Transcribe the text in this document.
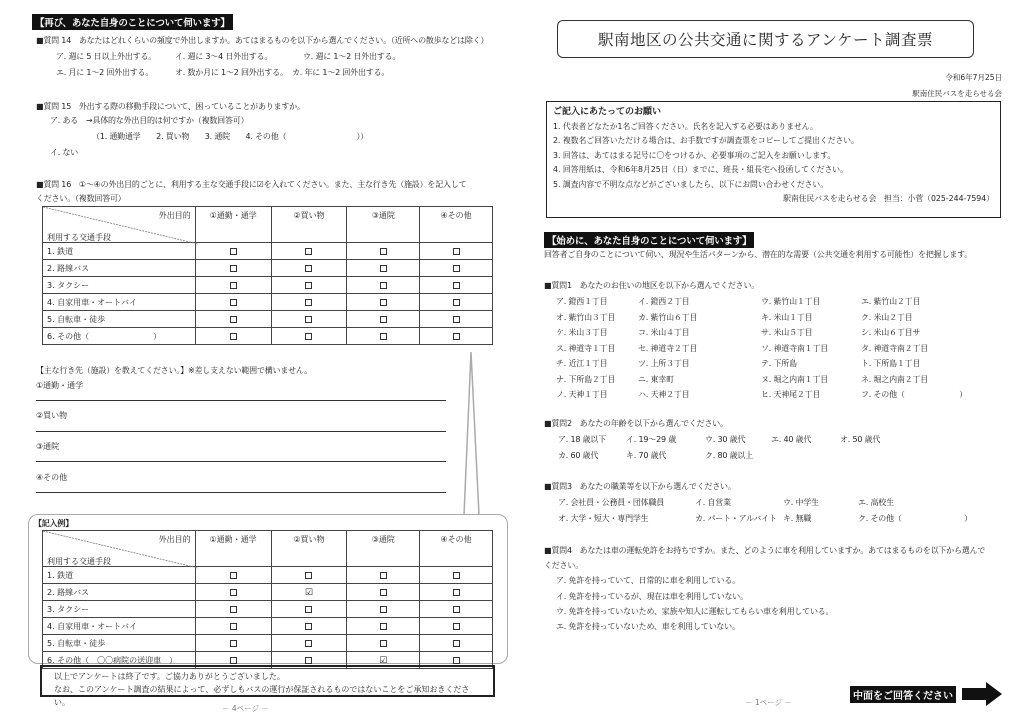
【再び、あなた自身のことについて伺います】
■質問 14　あなたはどれくらいの頻度で外出しますか。あてはまるものを以下から選んでください。（近所への散歩などは除く）
ア. 週に 5 日以上外出する。 イ. 週に 3～4 日外出する。	ウ. 週に 1～2 日外出する。
エ. 月に 1～2 回外出する。	オ. 数か月に 1～2 回外出する。 カ. 年に 1～2 回外出する。
■質問 15　外出する際の移動手段について、困っていることがありますか。
ア. ある　→具体的な外出目的は何ですか（複数回答可）
（1. 通勤通学　　2. 買い物　　3. 通院　　4. その他（　　　　　　　　　））
イ. ない
■質問 16　①～④の外出目的ごとに、利用する主な交通手段に☑を入れてください。また、主な行き先（施設）を記入して
ください。（複数回答可）
外出目的
利用する交通手段	①通勤・通学	②買い物	③通院	④その他
1. 鉄道				
2. 路線バス				
3. タクシー				
4. 自家用車・オートバイ				
5. 自転車・徒歩				
6. その他（　　　　　　　　）				
【主な行き先（施設）を教えてください。】※差し支えない範囲で構いません。
①通勤・通学
②買い物
③通院
④その他
【記入例】
外出目的
利用する交通手段	①通勤・通学	②買い物	③通院	④その他
1. 鉄道				
2. 路線バス		☑		
3. タクシー				
4. 自家用車・オートバイ				
5. 自転車・徒歩				
6. その他（　〇〇病院の送迎車　）			☑	
以上でアンケートは終了です。ご協力ありがとうございました。
なお、このアンケート調査の結果によって、必ずしもバスの運行が保証されるものではないことをご承知おきください。
－ 4ページ －
駅南地区の公共交通に関するアンケート調査票
令和6年7月25日
駅南住民バスを走らせる会
ご記入にあたってのお願い
1. 代表者どなたか1名ご回答ください。氏名を記入する必要はありません。
2. 複数名ご回答いただける場合は、お手数ですが調査票をコピーしてご提出ください。
3. 回答は、あてはまる記号に〇をつけるか、必要事項のご記入をお願いします。
4. 回答用紙は、令和6年8月25日（日）までに、班長・組長宅へ投函してください。
5. 調査内容で不明な点などがございましたら、以下にお問い合わせください。
駅南住民バスを走らせる会　担当：小菅（025-244-7594）
【始めに、あなた自身のことについて伺います】
回答者ご自身のことについて伺い、現況や生活パターンから、潜在的な需要（公共交通を利用する可能性）を把握します。
■質問1　あなたのお住いの地区を以下から選んでください。
ア. 鐙西１丁目	イ. 鐙西２丁目	ウ. 紫竹山１丁目	エ. 紫竹山２丁目
オ. 紫竹山３丁目	カ. 紫竹山６丁目	キ. 米山１丁目	ク. 米山２丁目
ケ. 米山３丁目	コ. 米山４丁目	サ. 米山５丁目	シ. 米山６丁目サ
ス. 神道寺１丁目	セ. 神道寺２丁目	ソ. 神道寺南１丁目	タ. 神道寺南２丁目
チ. 近江１丁目	ツ. 上所３丁目	テ. 下所島	ト. 下所島１丁目
ナ. 下所島２丁目	ニ. 東幸町	ヌ. 堀之内南１丁目	ネ. 堀之内南２丁目
ノ. 天神１丁目	ハ. 天神２丁目	ヒ. 天神尾２丁目	フ. その他（　　　　　　　）
■質問2　あなたの年齢を以下から選んでください。
ア. 18 歳以下 イ. 19～29 歳	ウ. 30 歳代	エ. 40 歳代	オ. 50 歳代
カ. 60 歳代	キ. 70 歳代	ク. 80 歳以上
■質問3　あなたの職業等を以下から選んでください。
ア. 会社員・公務員・団体職員	イ. 自営業	ウ. 中学生	エ. 高校生
オ. 大学・短大・専門学生	カ. パート・アルバイト キ. 無職	ク. その他（　　　　　　　　）
■質問4　あなたは車の運転免許をお持ちですか。また、どのように車を利用していますか。あてはまるものを以下から選んで
ください。
ア. 免許を持っていて、日常的に車を利用している。
イ. 免許を持っているが、現在は車を利用していない。
ウ. 免許を持っていないため、家族や知人に運転してもらい車を利用している。
エ. 免許を持っていないため、車を利用していない。
－ 1ページ －
中面をご回答ください
